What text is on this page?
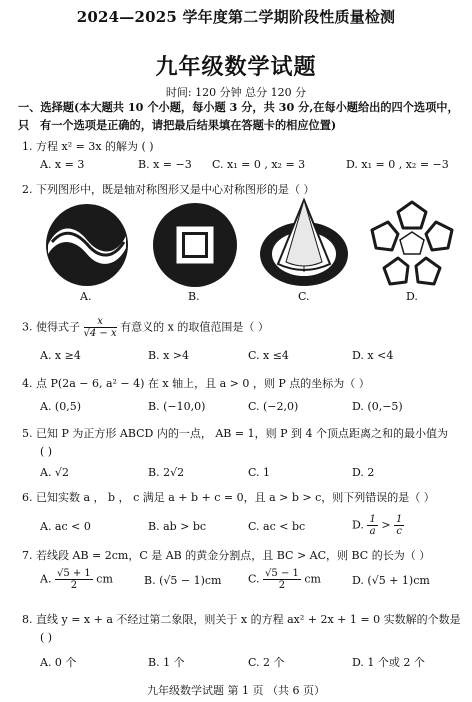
2024—2025 学年度第二学期阶段性质量检测
九年级数学试题
时间: 120 分钟 总分 120 分
一、选择题(本大题共 10 个小题，每小题 3 分，共 30 分,在每小题给出的四个选项中，只 有一个选项是正确的，请把最后结果填在答题卡的相应位置)
1. 方程 x² = 3x 的解为 ( )
A. x = 3	B. x = −3 C. x₁ = 0 , x₂ = 3	D. x₁ = 0 , x₂ = −3
2. 下列图形中，既是轴对称图形又是中心对称图形的是（ ）
A.	B.	C.	D.
3. 使得式子 $\frac{x}{√4 - x}$ 有意义的 x 的取值范围是（ ）
A. x ≥4	B. x >4	C. x ≤4	D. x <4
4. 点 P(2a − 6, a² − 4) 在 x 轴上，且 a > 0 ，则 P 点的坐标为（ ）
A. (0,5)	B. (−10,0)	C. (−2,0)	D. (0,−5)
5. 已知 P 为正方形 ABCD 内的一点， AB = 1，则 P 到 4 个顶点距离之和的最小值为
( )
A. √2	B. 2√2	C. 1	D. 2
6. 已知实数 a ， b ， c 满足 a + b + c = 0，且 a > b > c，则下列错误的是（ ）
A. ac < 0	B. ab > bc	C. ac < bc	D. $\frac{1}{a} > \frac{1}{c}$
7. 若线段 AB = 2cm，C 是 AB 的黄金分割点，且 BC > AC，则 BC 的长为（ ）
A. $\frac{√5 + 1}{2}$ cm	B. (√5 − 1)cm C. $\frac{√5 - 1}{2}$ cm	D. (√5 + 1)cm
8. 直线 y = x + a 不经过第二象限，则关于 x 的方程 ax² + 2x + 1 = 0 实数解的个数是
( )
A. 0 个	B. 1 个	C. 2 个	D. 1 个或 2 个
九年级数学试题 第 1 页 （共 6 页）
